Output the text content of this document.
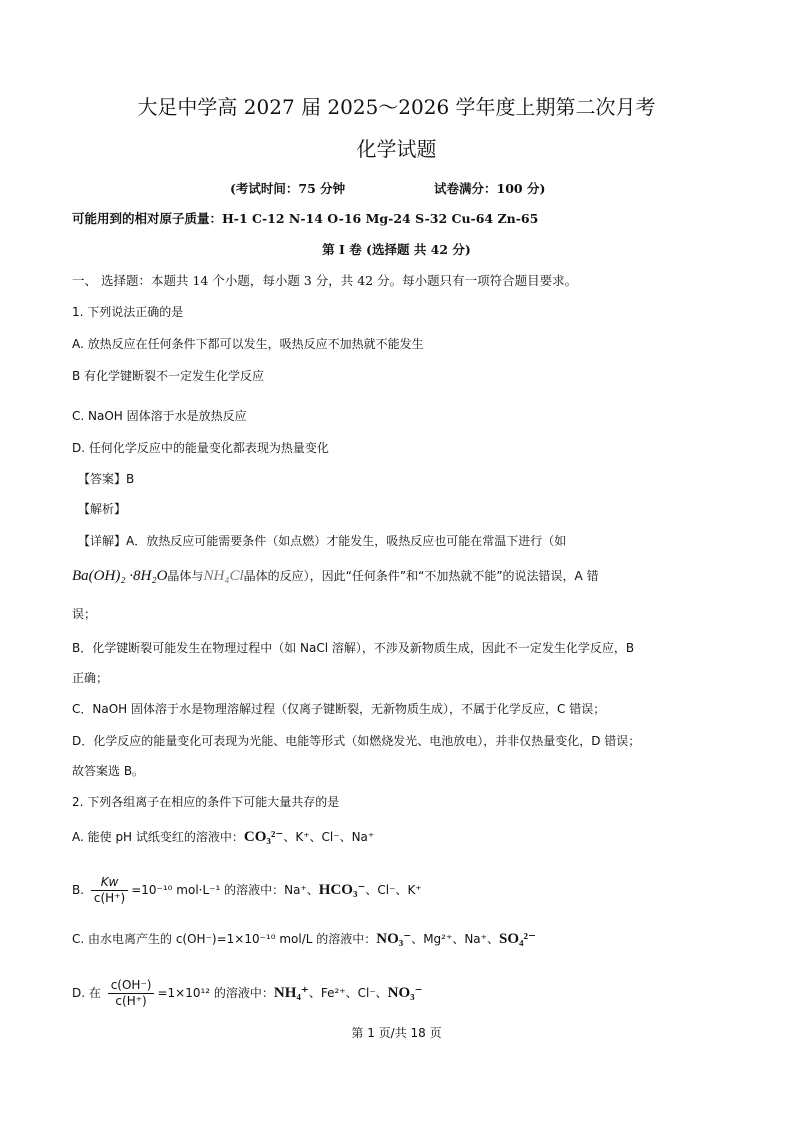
大足中学高 2027 届 2025～2026 学年度上期第二次月考
化学试题
(考试时间：75 分钟	试卷满分：100 分)
可能用到的相对原子质量：H-1 C-12 N-14 O-16 Mg-24 S-32 Cu-64 Zn-65
第 I 卷 (选择题 共 42 分)
一、 选择题：本题共 14 个小题，每小题 3 分，共 42 分。每小题只有一项符合题目要求。
1. 下列说法正确的是
A. 放热反应在任何条件下都可以发生，吸热反应不加热就不能发生
B 有化学键断裂不一定发生化学反应
C. NaOH 固体溶于水是放热反应
D. 任何化学反应中的能量变化都表现为热量变化
【答案】B
【解析】
【详解】A．放热反应可能需要条件（如点燃）才能发生，吸热反应也可能在常温下进行（如
Ba(OH)₂ ·8H₂O晶体与NH₄Cl晶体的反应），因此“任何条件”和“不加热就不能”的说法错误，A 错
误；
B．化学键断裂可能发生在物理过程中（如 NaCl 溶解），不涉及新物质生成，因此不一定发生化学反应，B
正确；
C．NaOH 固体溶于水是物理溶解过程（仅离子键断裂，无新物质生成），不属于化学反应，C 错误；
D．化学反应的能量变化可表现为光能、电能等形式（如燃烧发光、电池放电），并非仅热量变化，D 错误；
故答案选 B。
2. 下列各组离子在相应的条件下可能大量共存的是
A. 能使 pH 试纸变红的溶液中：CO₃²⁻、K⁺、Cl⁻、Na⁺
B. $\frac{Kw}{c(H^+)} =10^{-10}$ mol·L⁻¹ 的溶液中：Na⁺、HCO₃⁻、Cl⁻、K⁺
C. 由水电离产生的 c(OH⁻)=1×10⁻¹⁰ mol/L 的溶液中：NO₃⁻、Mg²⁺、Na⁺、SO₄²⁻
D. 在 $\frac{c(OH^-)}{c(H^+)} =1\times 10^{12}$ 的溶液中：NH₄⁺、Fe²⁺、Cl⁻、NO₃⁻
第 1 页/共 18 页
